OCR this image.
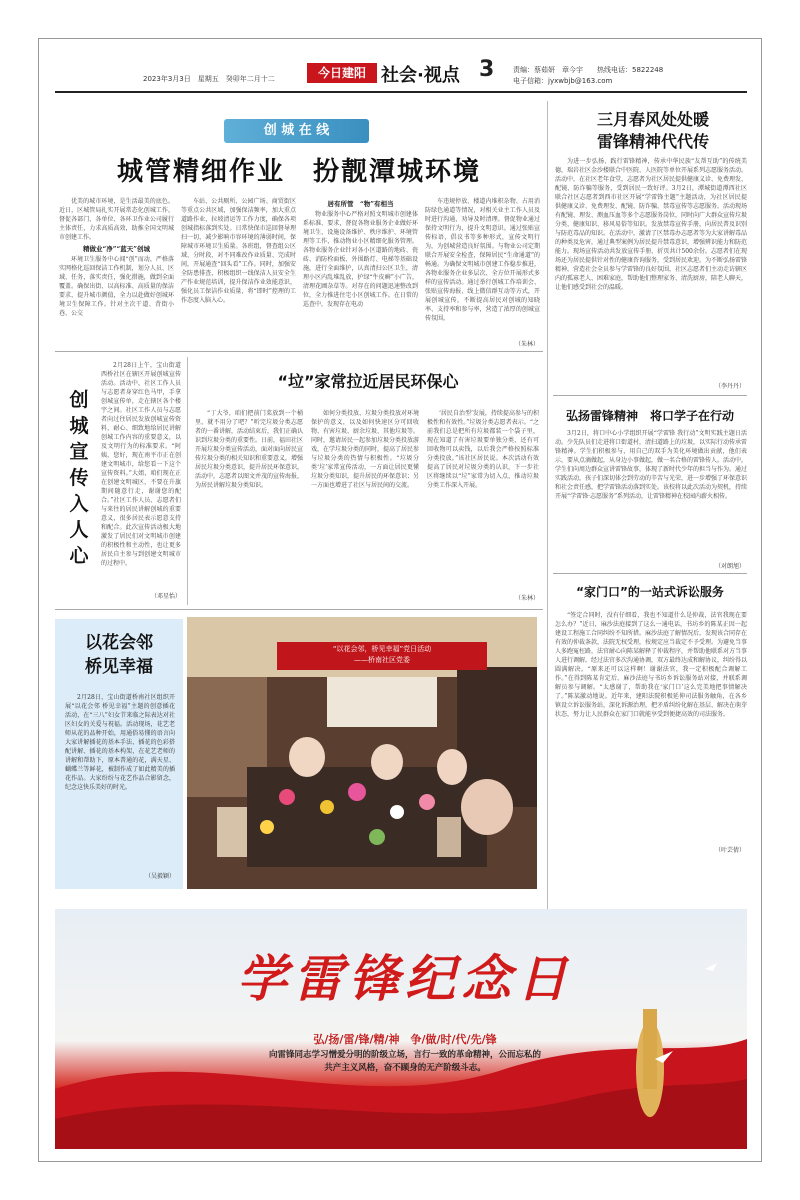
2023年3月3日　星期五　癸卯年二月十二	今日建阳 社会·视点 3	责编：蔡茹妍　章今宇　　热线电话：5822248
电子信箱：jyxwbjb@163.com
创 城 在 线
城管精细作业　扮靓潭城环境
优美的城市环境，是生活最美的底色。近日，区城管局扎实开展常态化创城工作，督促各部门、各单位、各环卫作业公司履行主体责任，力求高质高效，助推全国文明城市创建工作。
精做业“净”“蓝天”创城
环境卫生服务中心闻“创”而动，严格落实网格化巡回保洁工作机制，划分人员、区域、任务，落实责任，强化措施，做到全面覆盖。确保出街、以高标准、高质量的保洁要求，提升城市颜值，全力以赴做好创城环境卫生保障工作。针对主次干道、背街小巷、公交
车站、公共厕所、公园广场、商贸街区等重点公共区域，加强保洁频率，加大重点道路作业，拉坡清运等工作力度，确保各项创城指标落到实处。日常快保市巡回督导理扫一切，减少影响市容环境的薄弱时间，保障城市环境卫生质量。各班组，督查组公区域、分时段、对不同难改作业质量、完成时间，开展通查“回头看”工作。同时，加强安全防患排查，积极组织一线保洁人员安全生产作业规范培训，提升保洁作业效能意识，强化员工保洁作业质量，将“即时”控理的工作态度入脑入心。
居有所管　“物”有相当
物业服务中心严格对照文明城市创建体系标准、要求，督促各物业服务企业做好环境卫生、设施设备维护、秩序维护、环境管理等工作，推动物业小区精细化服务管理。各物业服务企业针对各小区道路的地砖、瓷砖、消防栓面板、外围路灯、电梯等基础设施，进行全面维护，认真清扫公区卫生，清理小区内乱堆乱放，护绿“牛皮癣”小广告，清理花圃杂草等。对存在的问题迅速整改到位，全力推进住宅小区创城工作。在日常的巡查中，发现存在电动
车违规停放、楼道内堆积杂物、占用消防绿色通道等情况，对相关业主工作人员及时进行沟通，劝导及时清理。督促物业通过保持文明行为，提升文明意识。通过张贴宣传标语，倡议书等多种形式，宣传文明行为，为创城营造良好氛围。与物业公司定期联合开展安全检查，保障居民“生命通道”的畅通。为确保文明城市创建工作稳步推进，各物业服务企业多层次、全方位开展形式多样的宣传活动。通过举行创城工作培训会、张贴宣传海报、线上微信群互动等方式，开展创城宣传，不断提高居民对创城的知晓率、支持率和参与率，营造了浓厚的创城宣传氛围。
（朱林）
三月春风处处暖
雷锋精神代代传
为进一步弘扬、践行雷锋精神，传承中华民族“友帮互助”的传统美德，瑞岩社区金沙楼联合中医院、人医院等单位开展系列志愿服务活动。活动中，在社区老年食堂，志愿者为社区居民提供健康义诊、免费理发、配镜、防诈骗等服务，受到居民一致好评。3月2日，潭城街道潭西社区联合社区志愿者到西市社区开展“学雷锋主题”主题活动，为社区居民提供健康义诊、免费理发、配镜、防诈骗、禁毒宣传等志愿服务。活动现场有配镜、理发、测血压血等多个志愿服务岗位，同时向广大群众宣传垃圾分类、健康知识、移风易俗等知识。发放禁毒宣传手册，向居民普及识别与防范毒品的知识。在活动中，激请了区禁毒办志愿者等为大家讲解毒品的种类及危害，通过典型案例为居民提升禁毒意识，增强辨识能力和防范能力。现场宣传活动共发放宣传手册、折页共计500余份。志愿者们在现场还为居民提供针对性的健康咨询服务，受到居民欢迎。为不断弘扬雷锋精神，营造社会全员参与学雷锋的良好氛围，社区志愿者们主动走访辖区内的孤寡老人、困难家庭，帮助他们整理家务、清洗厨房，陪老人聊天，让他们感受到社会的温暖。
（李丹丹）
创城宣传入人心
2月28日上午，宝山街道西桥社区在辖区开展创城宣传活动。活动中，社区工作人员与志愿者身穿红色马甲，手拿创城宣传单，走在辖区各个楼宇之间。社区工作人员与志愿者向过往居民发放创城宣传资料，耐心、细致地给居民讲解创城工作内容的重要意义，以及文明行为的标准要求。“阿姨，您好，现在南平市正在创建文明城市，给您看一下这个宣传资料。”大姐，咱们现在正在创建文明城区，不要在升旗期间随意行走，谢谢您的配合。”社区工作人员、志愿者们与来往的居民讲解创城的重要意义，很多居民表示愿意支持和配合。此次宣传活动极大地激发了居民们对文明城市创建的积极性和主动性，也让更多居民自主参与到创建文明城市的过程中。
（邓星怡）
“垃”家常拉近居民环保心
“丁大爷，咱们把前门菜放到一个桶里，就不用分了吧？”听完垃圾分类志愿者的一番讲解，活动结束后，我们正确认识到垃圾分类的重要性。日前，福田社区开展垃圾分类宣传活动，面对面向居民宣传垃圾分类的相关知识和重要意义，增强居民垃圾分类意识，提升居民环保意识，活动中，志愿者以图文并茂的宣传海报，为居民讲解垃圾分类知识。
如何分类投放、垃圾分类投放对环境保护的意义，以及如何快速区分可回收物、有害垃圾、厨余垃圾、其他垃圾等。同时，邀请居民一起参加垃圾分类投放游戏，在学垃圾分类的同时，提高了居民参与垃圾分类的热情与积极性。“垃圾分类‘垃’家常宣传活动，一方面让居民更懂垃圾分类知识，提升居民的环保意识；另一方面也增进了社区与居民间的交流。
‘居民自治型’发展，持续提高参与的积极性和有效性。”垃圾分类志愿者表示。“之前我们总是把所有垃圾都装一个袋子里，现在知道了有害垃圾要单独分类，还有可回收物可以卖钱，以后我会严格按照标准分类投放。”该社区居民说。本次活动有效提高了居民对垃圾分类的认识，下一步社区将继续以“垃”家常为切入点，推动垃圾分类工作深入开展。
（朱林）
弘扬雷锋精神　将口学子在行动
3月2日，将口中心小学组织开展“学雷锋 我行动”文明实践主题日活动。少先队员们走进将口街道村，清扫道路上的垃圾，以实际行动传承雷锋精神。学生们积极参与，用自己的双手为美化环境做出贡献，他们表示，要从点滴做起，从身边小事做起，做一名合格的雷锋传人。活动中，学生们向周边群众宣讲雷锋故事，体现了新时代少年的担当与作为。通过实践活动，孩子们深切体会到劳动的辛苦与光荣，进一步增强了环保意识和社会责任感，把学雷锋活动落到实处。该校将以此次活动为契机，持续开展“学雷锋·志愿服务”系列活动，让雷锋精神在校园内薪火相传。
（对朗旭）
“家门口”的一站式诉讼服务
“签定合同时，没有仔细看，我也不知道什么是仲裁，法官我现在要怎么办？”近日，麻沙法庭接到了这么一通电话，书坊乡的陈某正因一起建设工程施工合同纠纷不知所措。麻沙法庭了解情况后，发现该合同存在有效的仲裁条款，法院无权受理，按规定应当裁定不予受理。为避免当事人多跑冤枉路，法官耐心向陈某解释了仲裁程序，并帮助他联系对方当事人进行调解。经过法官多次沟通协调，双方最终达成和解协议，纠纷得以圆满解决。“原来还可以这样啊！谢谢法官，我一定积极配合调解工作。”在得到陈某肯定后，麻沙法庭与书坊乡诉讼服务站对接，并联系调解员参与调解。“太感谢了，帮助我在‘家门口’这么完美地把事情解决了。”陈某激动地说。近年来，建阳法院积极延伸司法服务触角，在各乡镇设立诉讼服务站，深化诉源治理，把矛盾纠纷化解在基层、解决在萌芽状态，努力让人民群众在家门口就能享受到便捷高效的司法服务。
（叶芸倩）
以花会邻
桥见幸福
2月28日，宝山街道桥南社区组织开展“以花会邻 桥见幸福”主题的创意插花活动，在“三八”妇女节来临之际表达对社区妇女的关爱与祝福。活动现场，花艺老师从花的品种开始，用通俗易懂的语言向大家讲解插花的基本手法、插花的色彩搭配讲解、插花的基本构架，在花艺老师的讲解和帮助下，原本普通的花，满天星、蝴蝶兰等鲜花，被制作成了如此精美的插花作品。大家纷纷与花艺作品合影留念，纪念这快乐美好的时光。
（吴毅颖）
“以花会邻，桥见幸福”党日活动
——桥南社区党委
学雷锋纪念日
弘/扬/雷/锋/精/神　争/做/时/代/先/锋
向雷锋同志学习憎爱分明的阶级立场，言行一致的革命精神，公而忘私的
共产主义风格，奋不顾身的无产阶级斗志。
